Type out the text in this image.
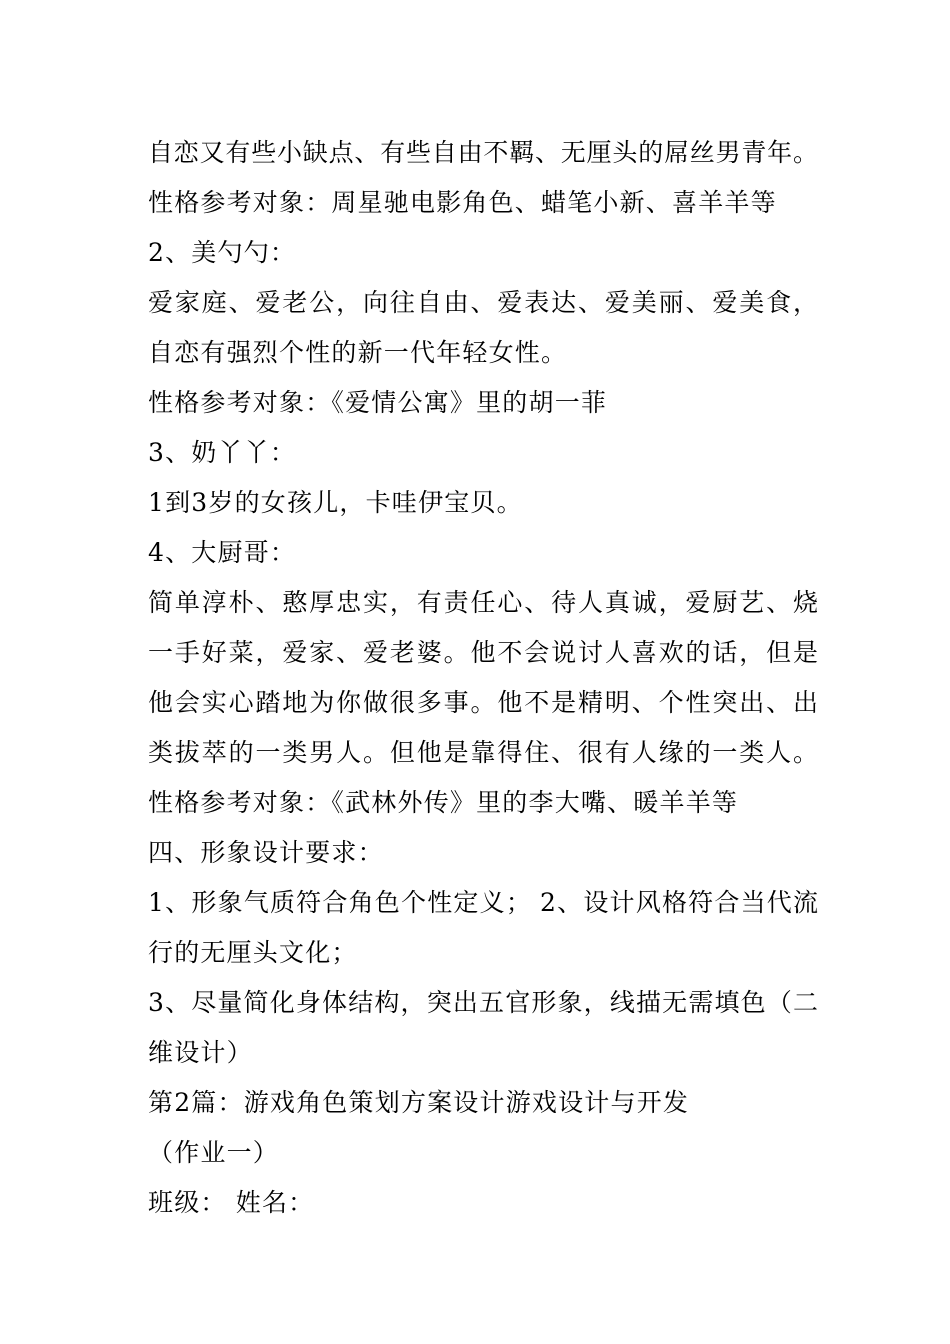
自恋又有些小缺点、有些自由不羁、无厘头的屌丝男青年。
性格参考对象：周星驰电影角色、蜡笔小新、喜羊羊等
2、美勺勺：
爱家庭、爱老公，向往自由、爱表达、爱美丽、爱美食，
自恋有强烈个性的新一代年轻女性。
性格参考对象：《爱情公寓》里的胡一菲
3、奶丫丫：
1到3岁的女孩儿，卡哇伊宝贝。
4、大厨哥：
简单淳朴、憨厚忠实，有责任心、待人真诚，爱厨艺、烧
一手好菜，爱家、爱老婆。他不会说讨人喜欢的话，但是
他会实心踏地为你做很多事。他不是精明、个性突出、出
类拔萃的一类男人。但他是靠得住、很有人缘的一类人。
性格参考对象：《武林外传》里的李大嘴、暖羊羊等
四、形象设计要求：
1、形象气质符合角色个性定义； 2、设计风格符合当代流
行的无厘头文化；
3、尽量简化身体结构，突出五官形象，线描无需填色（二
维设计）
第2篇：游戏角色策划方案设计游戏设计与开发
（作业一）
班级： 姓名：
